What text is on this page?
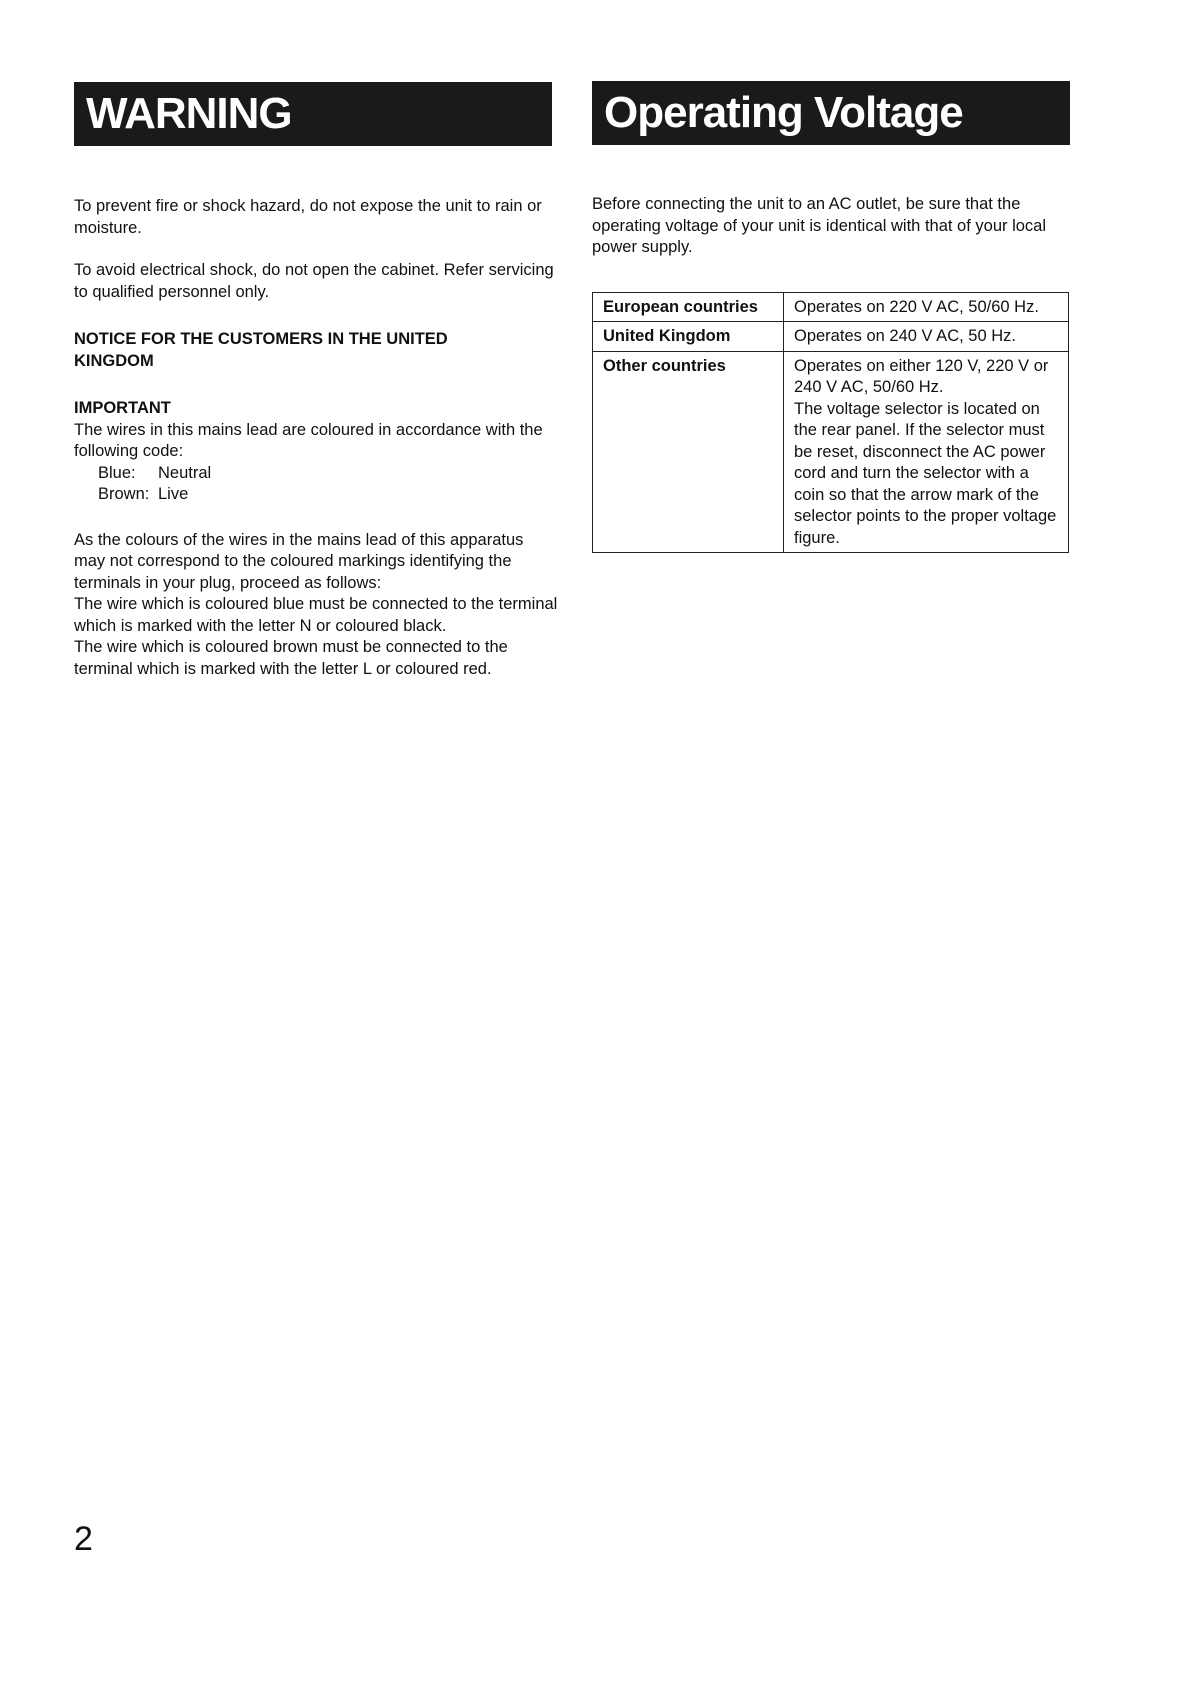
WARNING	Operating Voltage

To prevent fire or shock hazard, do not expose the unit to rain or moisture.

To avoid electrical shock, do not open the cabinet. Refer servicing to qualified personnel only.

NOTICE FOR THE CUSTOMERS IN THE UNITED
KINGDOM

IMPORTANT

The wires in this mains lead are coloured in accordance with the following code:

Blue: Neutral

Brown: Live

As the colours of the wires in the mains lead of this apparatus may not correspond to the coloured markings identifying the terminals in your plug, proceed as follows:

The wire which is coloured blue must be connected to the terminal which is marked with the letter N or coloured black.

The wire which is coloured brown must be connected to the terminal which is marked with the letter L or coloured red.

Before connecting the unit to an AC outlet, be sure that the operating voltage of your unit is identical with that of your local power supply.

European countries	Operates on 220 V AC, 50/60 Hz.
United Kingdom	Operates on 240 V AC, 50 Hz.
Other countries	Operates on either 120 V, 220 V or 240 V AC, 50/60 Hz.
The voltage selector is located on the rear panel. If the selector must be reset, disconnect the AC power cord and turn the selector with a coin so that the arrow mark of the selector points to the proper voltage figure.
2
